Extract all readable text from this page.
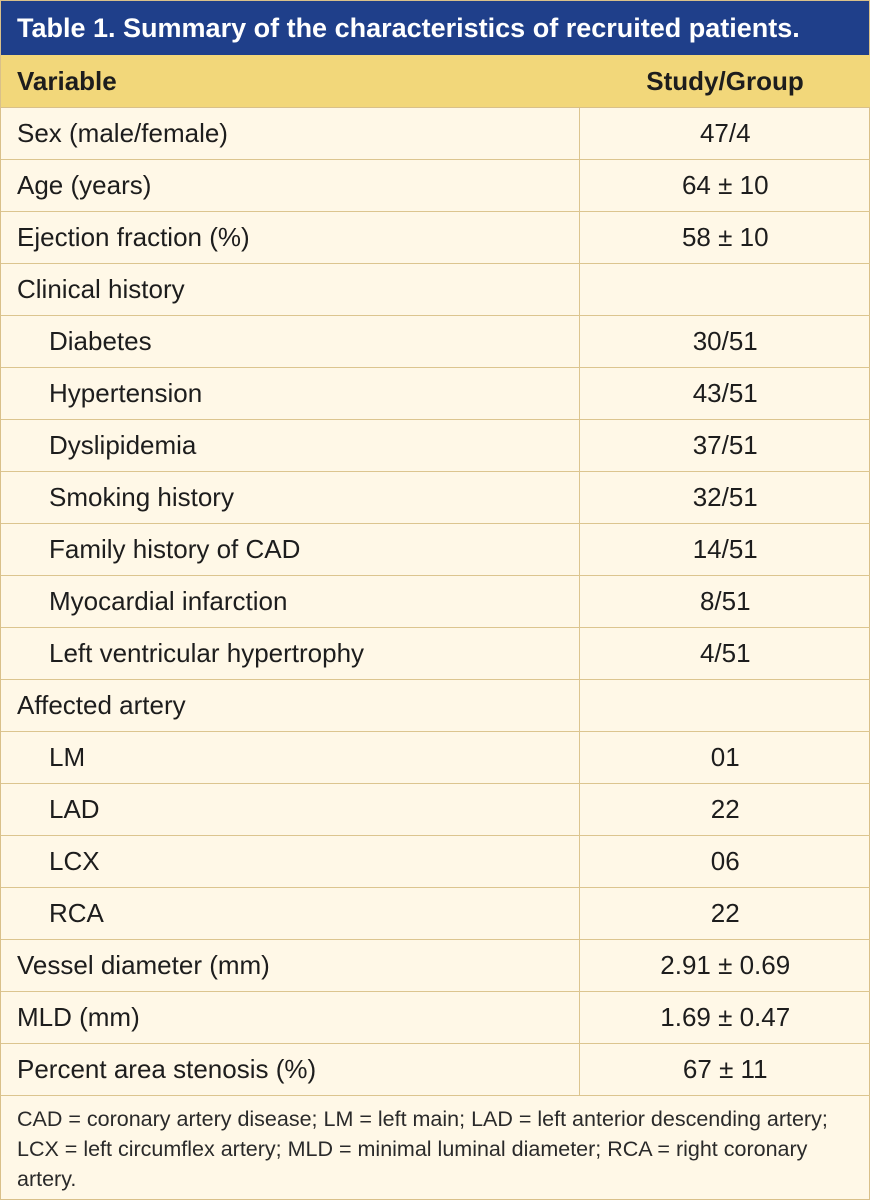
Table 1. Summary of the characteristics of recruited patients.
Variable	Study/Group
Sex (male/female)	47/4
Age (years)	64 ± 10
Ejection fraction (%)	58 ± 10
Clinical history	
Diabetes	30/51
Hypertension	43/51
Dyslipidemia	37/51
Smoking history	32/51
Family history of CAD	14/51
Myocardial infarction	8/51
Left ventricular hypertrophy	4/51
Affected artery	
LM	01
LAD	22
LCX	06
RCA	22
Vessel diameter (mm)	2.91 ± 0.69
MLD (mm)	1.69 ± 0.47
Percent area stenosis (%)	67 ± 11
CAD = coronary artery disease; LM = left main; LAD = left anterior descending artery; LCX = left circumflex artery; MLD = minimal luminal diameter; RCA = right coronary artery.
